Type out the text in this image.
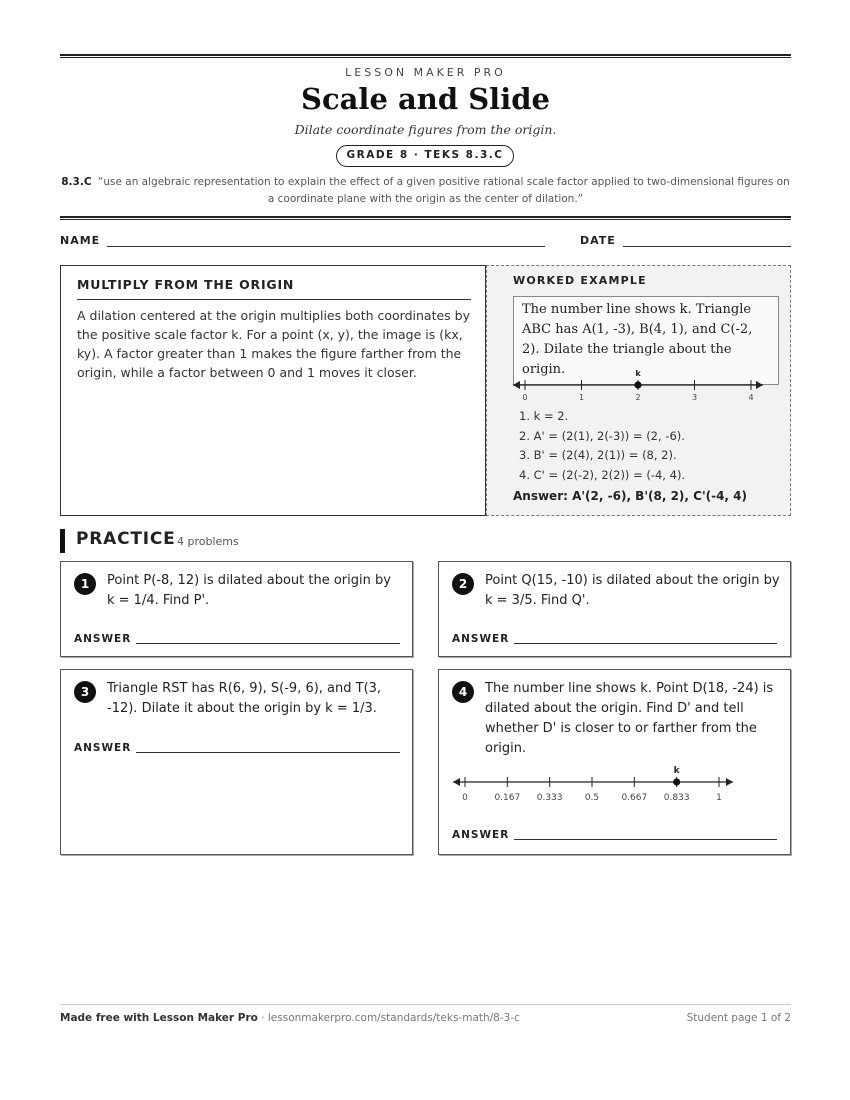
LESSON MAKER PRO
Scale and Slide
Dilate coordinate figures from the origin.
GRADE 8 · TEKS 8.3.C
8.3.C “use an algebraic representation to explain the effect of a given positive rational scale factor applied to two-dimensional figures on a coordinate plane with the origin as the center of dilation.”
NAME	DATE
MULTIPLY FROM THE ORIGIN
A dilation centered at the origin multiplies both coordinates by the positive scale factor k. For a point (x, y), the image is (kx, ky). A factor greater than 1 makes the figure farther from the origin, while a factor between 0 and 1 moves it closer.
WORKED EXAMPLE
The number line shows k. Triangle ABC has A(1, -3), B(4, 1), and C(-2, 2). Dilate the triangle about the origin.
0	1	2	3	4
k
1. k = 2.
2. A' = (2(1), 2(-3)) = (2, -6).
3. B' = (2(4), 2(1)) = (8, 2).
4. C' = (2(-2), 2(2)) = (-4, 4).
Answer: A'(2, -6), B'(8, 2), C'(-4, 4)
PRACTICE 4 problems
1	Point P(-8, 12) is dilated about the origin by k = 1/4. Find P'.
ANSWER
2	Point Q(15, -10) is dilated about the origin by k = 3/5. Find Q'.
ANSWER
3	Triangle RST has R(6, 9), S(-9, 6), and T(3, -12). Dilate it about the origin by k = 1/3.
ANSWER
4	The number line shows k. Point D(18, -24) is dilated about the origin. Find D' and tell whether D' is closer to or farther from the origin.
0	0.167 0.333 0.5 0.667 0.833	1
k
ANSWER
Made free with Lesson Maker Pro · lessonmakerpro.com/standards/teks-math/8-3-c	Student page 1 of 2
